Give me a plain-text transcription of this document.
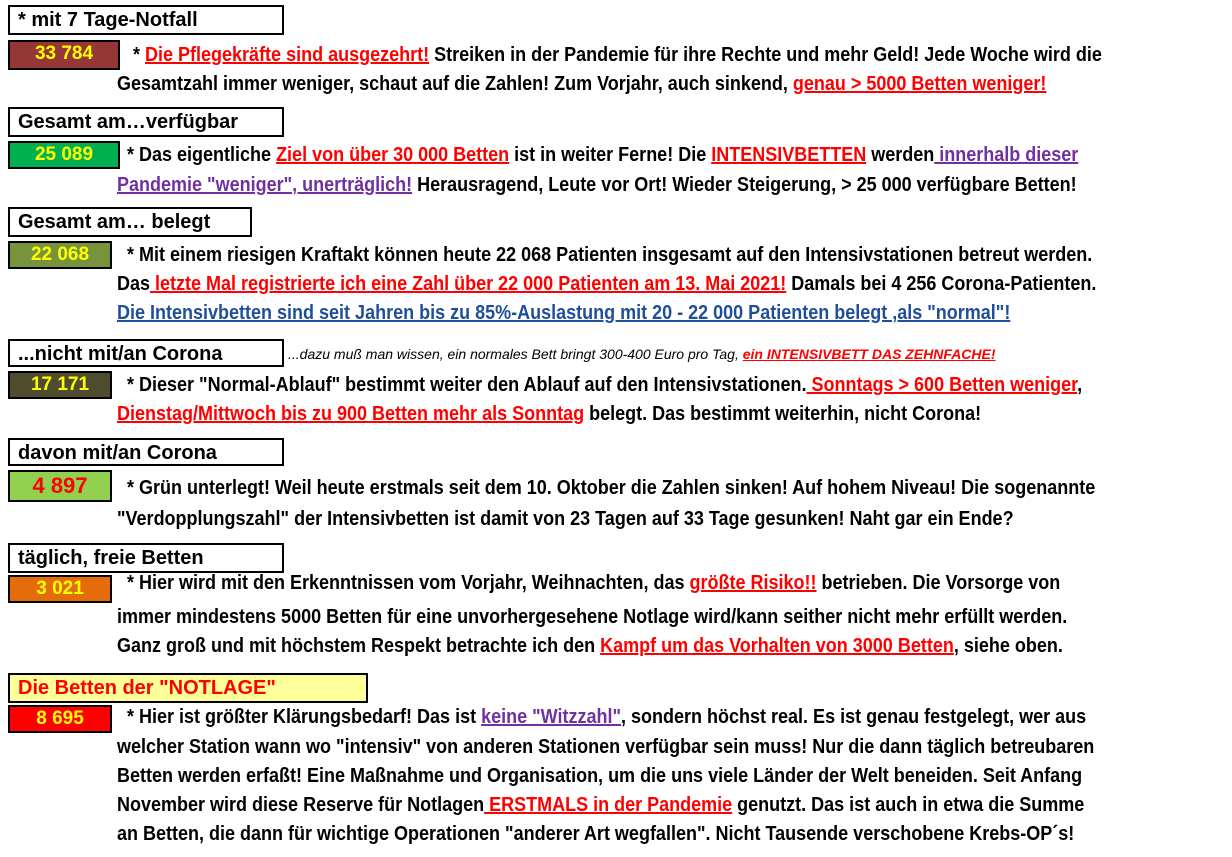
* mit 7 Tage-Notfall
33 784	* Die Pflegekräfte sind ausgezehrt! Streiken in der Pandemie für ihre Rechte und mehr Geld! Jede Woche wird die
Gesamtzahl immer weniger, schaut auf die Zahlen! Zum Vorjahr, auch sinkend, genau > 5000 Betten weniger!
Gesamt am…verfügbar
25 089	* Das eigentliche Ziel von über 30 000 Betten ist in weiter Ferne! Die INTENSIVBETTEN werden innerhalb dieser
Pandemie "weniger", unerträglich! Herausragend, Leute vor Ort! Wieder Steigerung, > 25 000 verfügbare Betten!
Gesamt am… belegt
22 068	* Mit einem riesigen Kraftakt können heute 22 068 Patienten insgesamt auf den Intensivstationen betreut werden.
Das letzte Mal registrierte ich eine Zahl über 22 000 Patienten am 13. Mai 2021! Damals bei 4 256 Corona-Patienten.
Die Intensivbetten sind seit Jahren bis zu 85%-Auslastung mit 20 - 22 000 Patienten belegt ,als "normal"!
...nicht mit/an Corona	...dazu muß man wissen, ein normales Bett bringt 300-400 Euro pro Tag, ein INTENSIVBETT DAS ZEHNFACHE!
17 171	* Dieser "Normal-Ablauf" bestimmt weiter den Ablauf auf den Intensivstationen. Sonntags > 600 Betten weniger,
Dienstag/Mittwoch bis zu 900 Betten mehr als Sonntag belegt. Das bestimmt weiterhin, nicht Corona!
davon mit/an Corona
4 897	* Grün unterlegt! Weil heute erstmals seit dem 10. Oktober die Zahlen sinken! Auf hohem Niveau! Die sogenannte
"Verdopplungszahl" der Intensivbetten ist damit von 23 Tagen auf 33 Tage gesunken! Naht gar ein Ende?
täglich, freie Betten
3 021	* Hier wird mit den Erkenntnissen vom Vorjahr, Weihnachten, das größte Risiko!! betrieben. Die Vorsorge von
immer mindestens 5000 Betten für eine unvorhergesehene Notlage wird/kann seither nicht mehr erfüllt werden.
Ganz groß und mit höchstem Respekt betrachte ich den Kampf um das Vorhalten von 3000 Betten, siehe oben.
Die Betten der "NOTLAGE"
8 695	* Hier ist größter Klärungsbedarf! Das ist keine "Witzzahl", sondern höchst real. Es ist genau festgelegt, wer aus
welcher Station wann wo "intensiv" von anderen Stationen verfügbar sein muss! Nur die dann täglich betreubaren
Betten werden erfaßt! Eine Maßnahme und Organisation, um die uns viele Länder der Welt beneiden. Seit Anfang
November wird diese Reserve für Notlagen ERSTMALS in der Pandemie genutzt. Das ist auch in etwa die Summe
an Betten, die dann für wichtige Operationen "anderer Art wegfallen". Nicht Tausende verschobene Krebs-OP´s!
